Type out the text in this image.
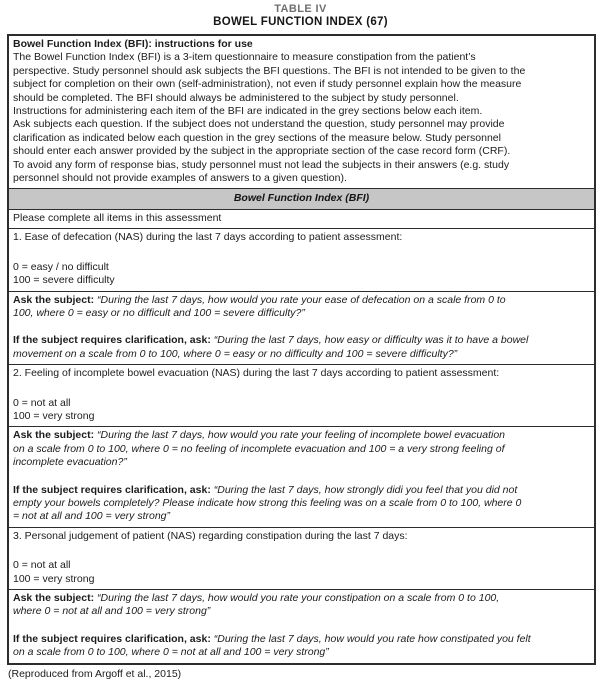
TABLE IV
BOWEL FUNCTION INDEX (67)
Bowel Function Index (BFI): instructions for use
The Bowel Function Index (BFI) is a 3-item questionnaire to measure constipation from the patient’s
perspective. Study personnel should ask subjects the BFI questions. The BFI is not intended to be given to the
subject for completion on their own (self-administration), not even if study personnel explain how the measure
should be completed. The BFI should always be administered to the subject by study personnel.
Instructions for administering each item of the BFI are indicated in the grey sections below each item.
Ask subjects each question. If the subject does not understand the question, study personnel may provide
clarification as indicated below each question in the grey sections of the measure below. Study personnel
should enter each answer provided by the subject in the appropriate section of the case record form (CRF).
To avoid any form of response bias, study personnel must not lead the subjects in their answers (e.g. study
personnel should not provide examples of answers to a given question).
Bowel Function Index (BFI)
Please complete all items in this assessment
1. Ease of defecation (NAS) during the last 7 days according to patient assessment:
0 = easy / no difficult
100 = severe difficulty
Ask the subject: “During the last 7 days, how would you rate your ease of defecation on a scale from 0 to
100, where 0 = easy or no difficult and 100 = severe difficulty?”
If the subject requires clarification, ask: “During the last 7 days, how easy or difficulty was it to have a bowel
movement on a scale from 0 to 100, where 0 = easy or no difficulty and 100 = severe difficulty?”
2. Feeling of incomplete bowel evacuation (NAS) during the last 7 days according to patient assessment:
0 = not at all
100 = very strong
Ask the subject: “During the last 7 days, how would you rate your feeling of incomplete bowel evacuation
on a scale from 0 to 100, where 0 = no feeling of incomplete evacuation and 100 = a very strong feeling of
incomplete evacuation?”
If the subject requires clarification, ask: “During the last 7 days, how strongly didi you feel that you did not
empty your bowels completely? Please indicate how strong this feeling was on a scale from 0 to 100, where 0
= not at all and 100 = very strong”
3. Personal judgement of patient (NAS) regarding constipation during the last 7 days:
0 = not at all
100 = very strong
Ask the subject: “During the last 7 days, how would you rate your constipation on a scale from 0 to 100,
where 0 = not at all and 100 = very strong”
If the subject requires clarification, ask: “During the last 7 days, how would you rate how constipated you felt
on a scale from 0 to 100, where 0 = not at all and 100 = very strong”
(Reproduced from Argoff et al., 2015)
